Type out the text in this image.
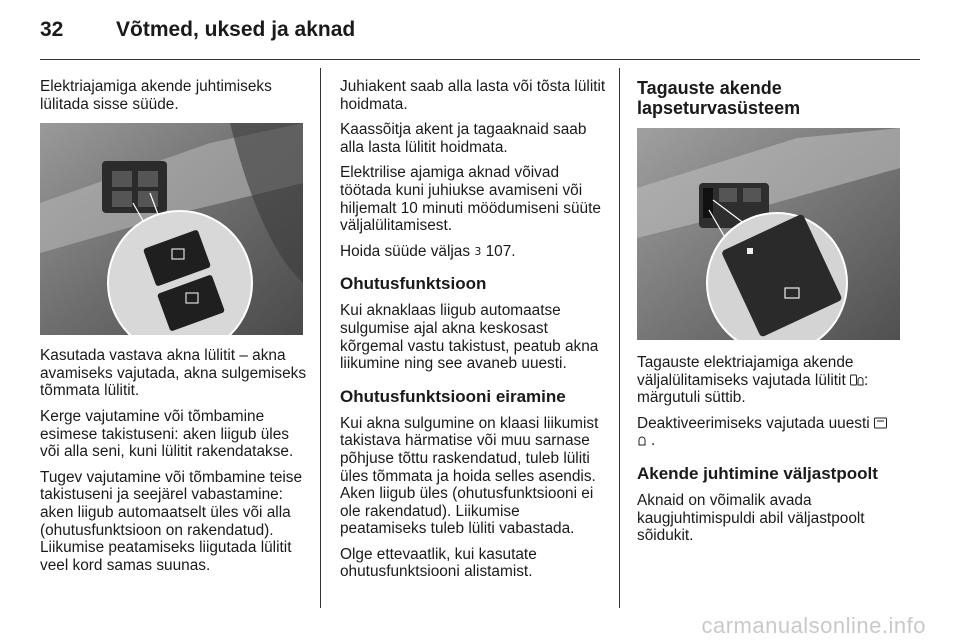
32	Võtmed, uksed ja aknad

Elektriajamiga akende juhtimiseks lülitada sisse süüde.

Kasutada vastava akna lülitit – akna avamiseks vajutada, akna sulgemiseks tõmmata lülitit.

Kerge vajutamine või tõmbamine esimese takistuseni: aken liigub üles või alla seni, kuni lülitit rakendatakse.

Tugev vajutamine või tõmbamine teise takistuseni ja seejärel vabastamine: aken liigub automaatselt üles või alla (ohutusfunktsioon on rakendatud). Liikumise peatamiseks liigutada lülitit veel kord samas suunas.

Juhiakent saab alla lasta või tõsta lülitit hoidmata.

Kaassõitja akent ja tagaaknaid saab alla lasta lülitit hoidmata.

Elektrilise ajamiga aknad võivad töötada kuni juhiukse avamiseni või hiljemalt 10 minuti möödumiseni süüte väljalülitamisest.

Hoida süüde väljas 3 107.

Ohutusfunktsioon

Kui aknaklaas liigub automaatse sulgumise ajal akna keskosast kõrgemal vastu takistust, peatub akna liikumine ning see avaneb uuesti.

Ohutusfunktsiooni eiramine

Kui akna sulgumine on klaasi liikumist takistava härmatise või muu sarnase põhjuse tõttu raskendatud, tuleb lüliti üles tõmmata ja hoida selles asendis. Aken liigub üles (ohutusfunktsiooni ei ole rakendatud). Liikumise peatamiseks tuleb lüliti vabastada.

Olge ettevaatlik, kui kasutate ohutusfunktsiooni alistamist.

Tagauste akende lapseturvasüsteem

Tagauste elektriajamiga akende väljalülitamiseks vajutada lülitit : märgutuli süttib.

Deaktiveerimiseks vajutada uuesti
.

Akende juhtimine väljastpoolt

Aknaid on võimalik avada kaugjuhtimispuldi abil väljastpoolt sõidukit.

carmanualsonline.info
